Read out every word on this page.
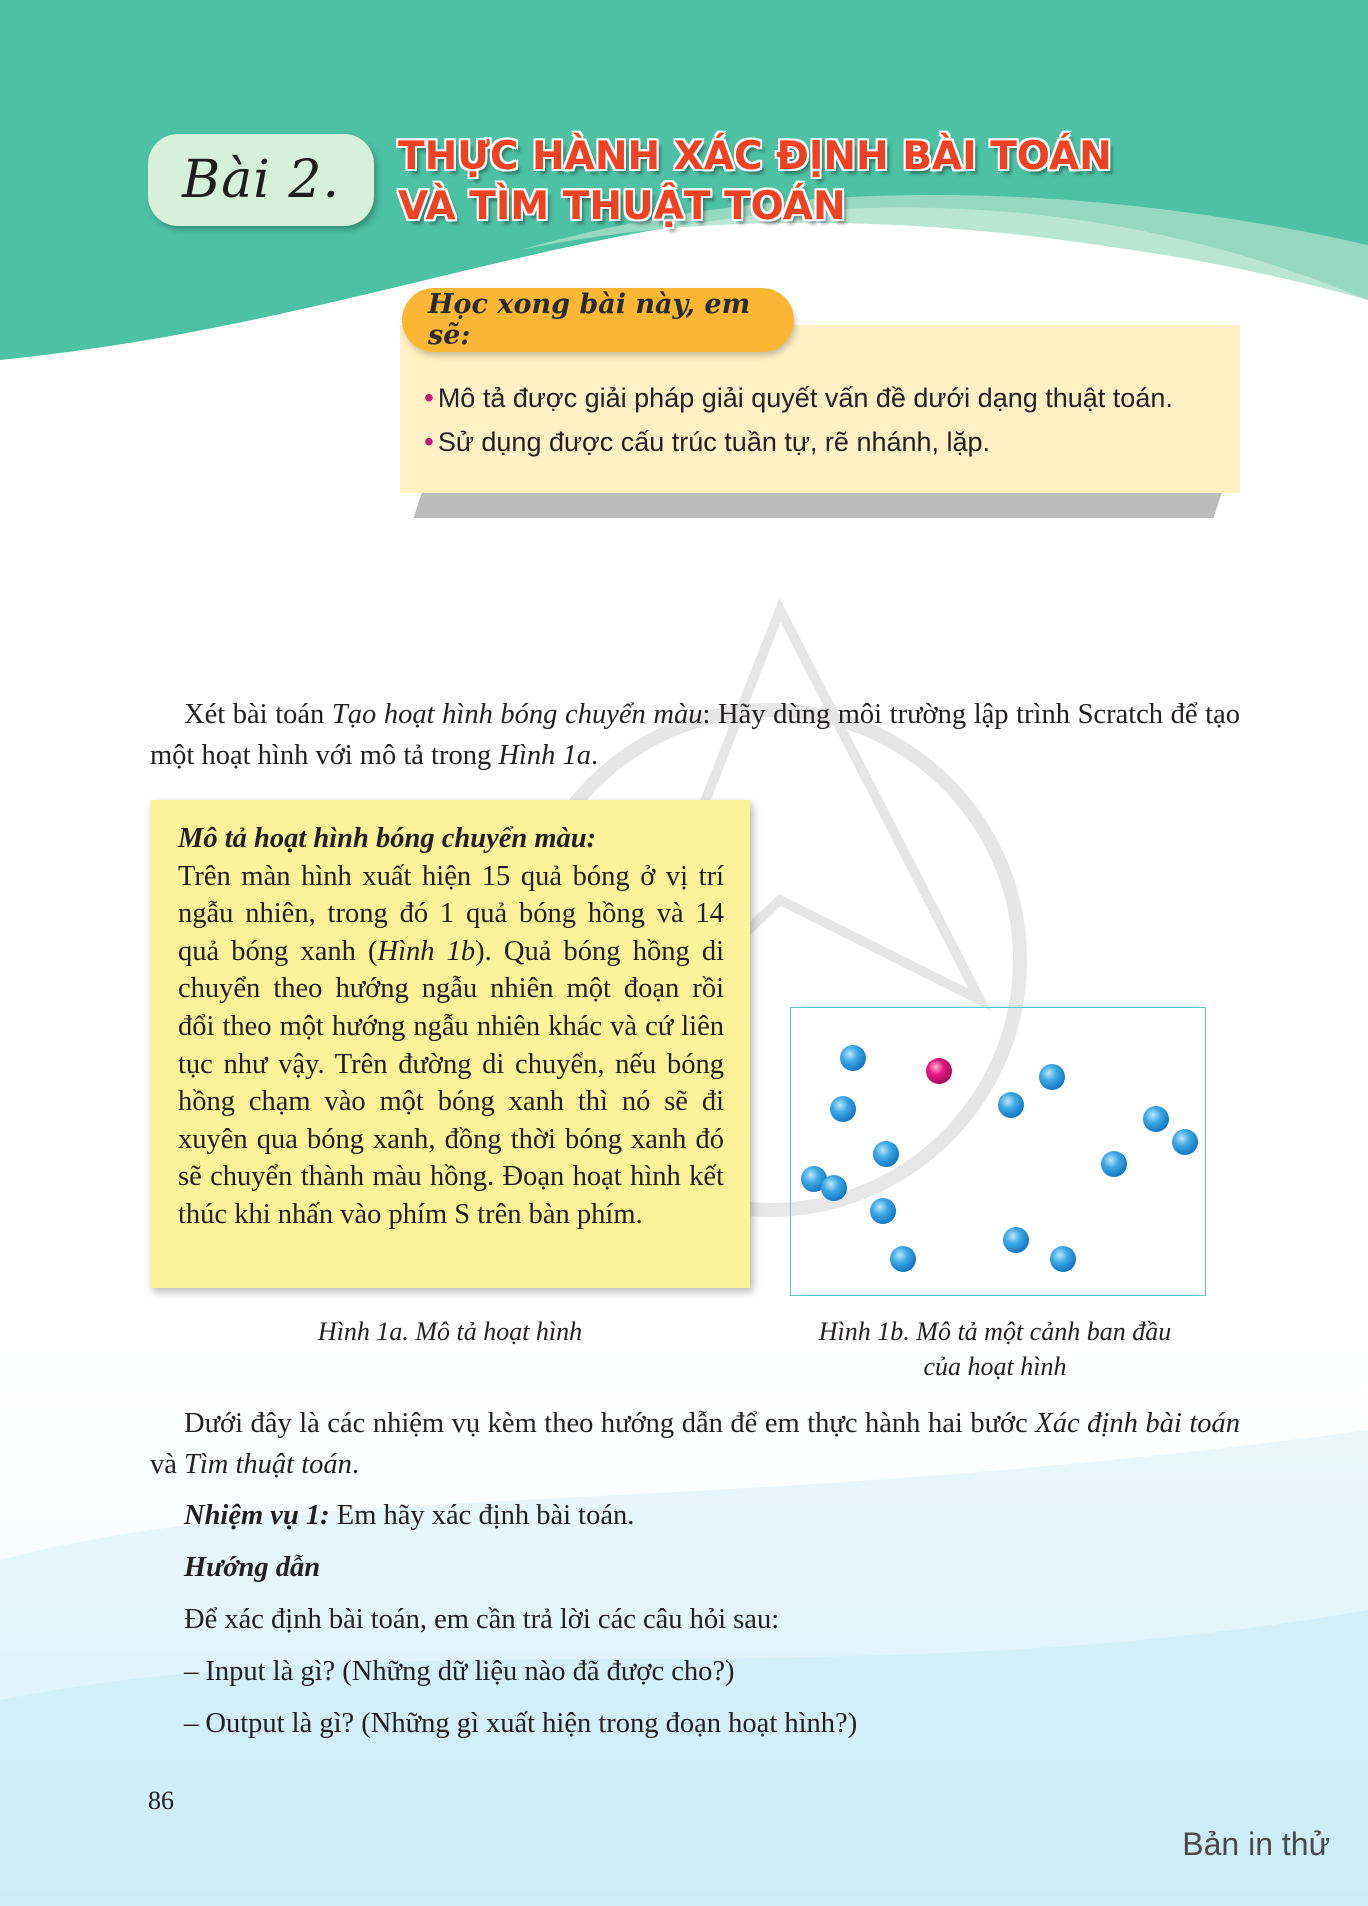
Bài 2. THỰC HÀNH XÁC ĐỊNH BÀI TOÁN
VÀ TÌM THUẬT TOÁN
Học xong bài này, em sẽ:
• Mô tả được giải pháp giải quyết vấn đề dưới dạng thuật toán.
• Sử dụng được cấu trúc tuần tự, rẽ nhánh, lặp.
Xét bài toán Tạo hoạt hình bóng chuyển màu: Hãy dùng môi trường lập trình Scratch để tạo một hoạt hình với mô tả trong Hình 1a.
Mô tả hoạt hình bóng chuyển màu:
Trên màn hình xuất hiện 15 quả bóng ở vị trí ngẫu nhiên, trong đó 1 quả bóng hồng và 14 quả bóng xanh (Hình 1b). Quả bóng hồng di chuyển theo hướng ngẫu nhiên một đoạn rồi đổi theo một hướng ngẫu nhiên khác và cứ liên tục như vậy. Trên đường di chuyển, nếu bóng hồng chạm vào một bóng xanh thì nó sẽ đi xuyên qua bóng xanh, đồng thời bóng xanh đó sẽ chuyển thành màu hồng. Đoạn hoạt hình kết thúc khi nhấn vào phím S trên bàn phím.
Hình 1a. Mô tả hoạt hình	Hình 1b. Mô tả một cảnh ban đầu
của hoạt hình
Dưới đây là các nhiệm vụ kèm theo hướng dẫn để em thực hành hai bước Xác định bài toán và Tìm thuật toán.
Nhiệm vụ 1: Em hãy xác định bài toán.
Hướng dẫn
Để xác định bài toán, em cần trả lời các câu hỏi sau:
– Input là gì? (Những dữ liệu nào đã được cho?)
– Output là gì? (Những gì xuất hiện trong đoạn hoạt hình?)
86
Bản in thử
